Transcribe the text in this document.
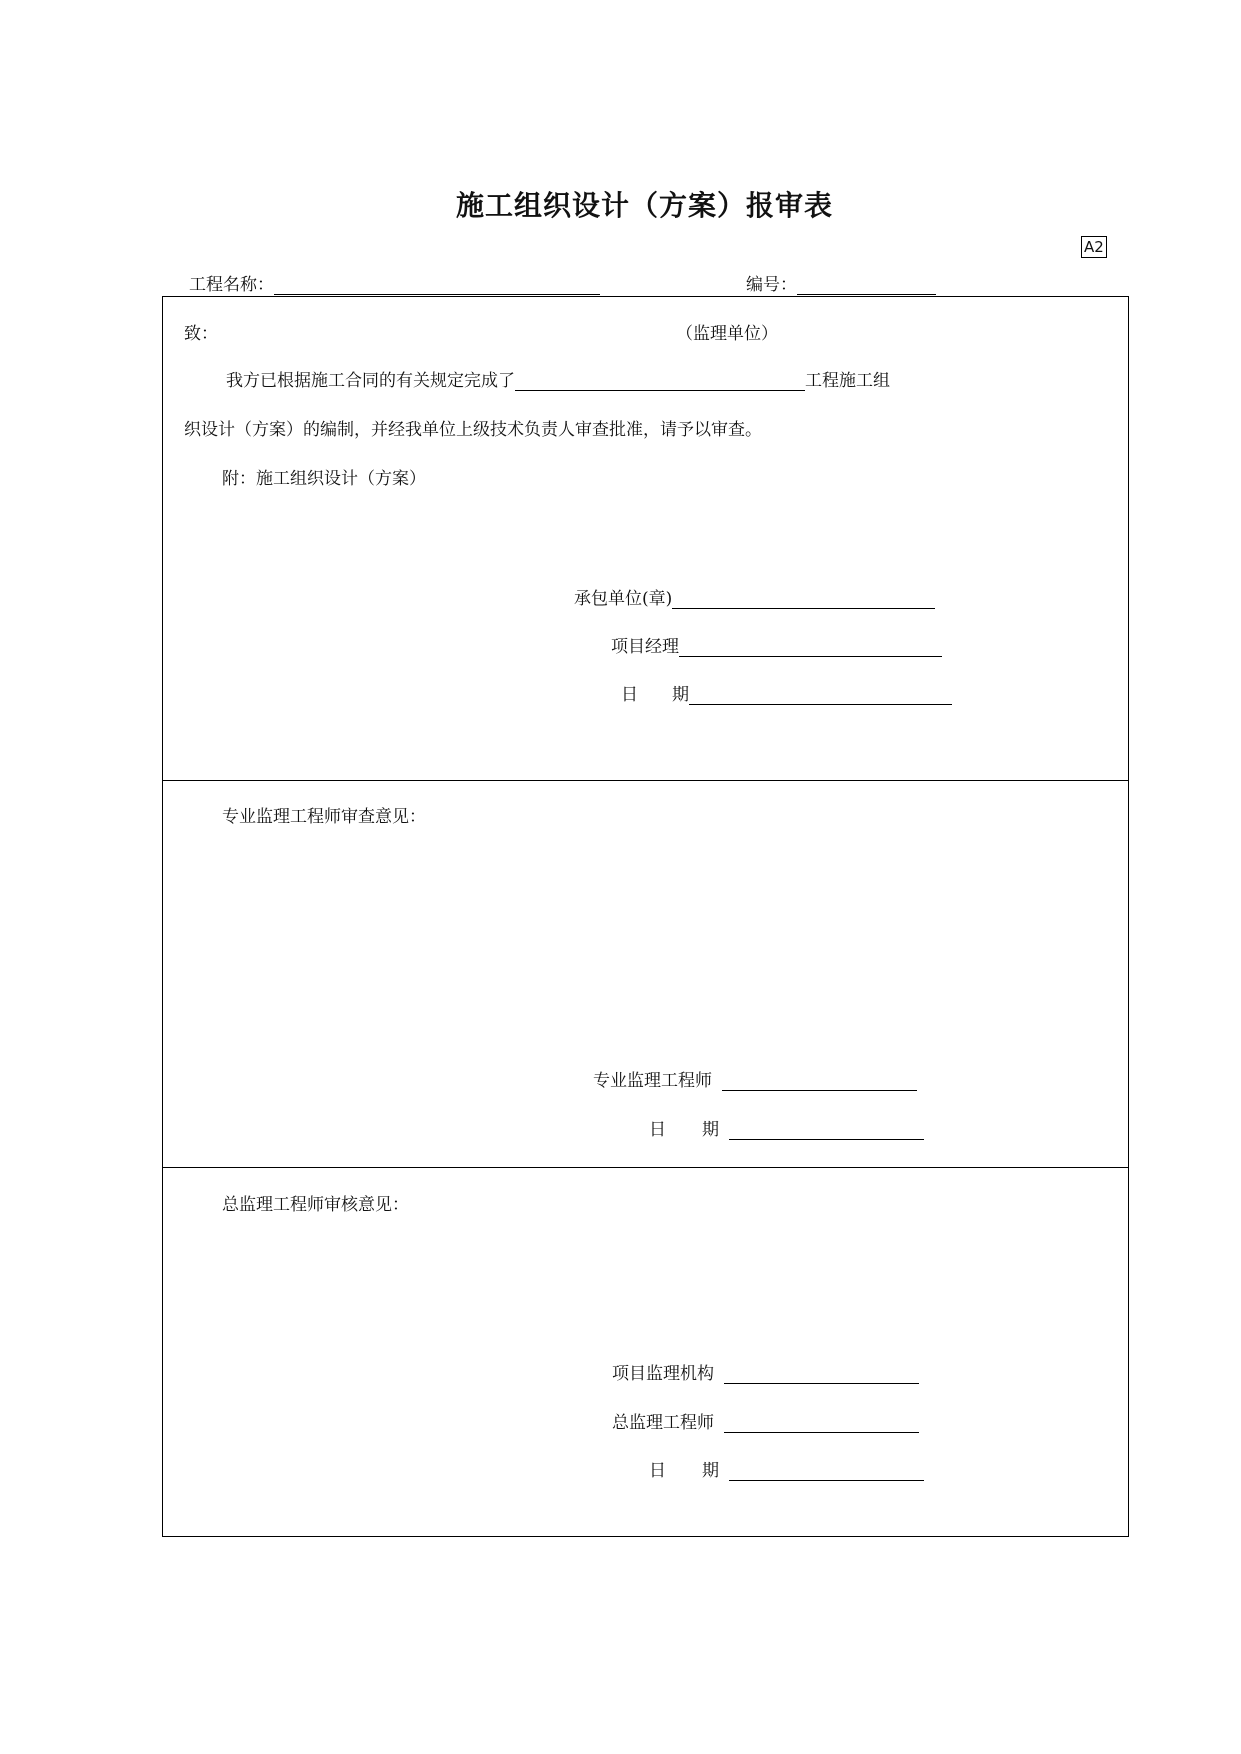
施工组织设计（方案）报审表
A2
工程名称：	编号：
致：	（监理单位）
我方已根据施工合同的有关规定完成了	工程施工组
织设计（方案）的编制，并经我单位上级技术负责人审查批准，请予以审查。
附：施工组织设计（方案）
承包单位(章)
项目经理
日 期
专业监理工程师审查意见：
专业监理工程师
日 期
总监理工程师审核意见：
项目监理机构
总监理工程师
日 期
